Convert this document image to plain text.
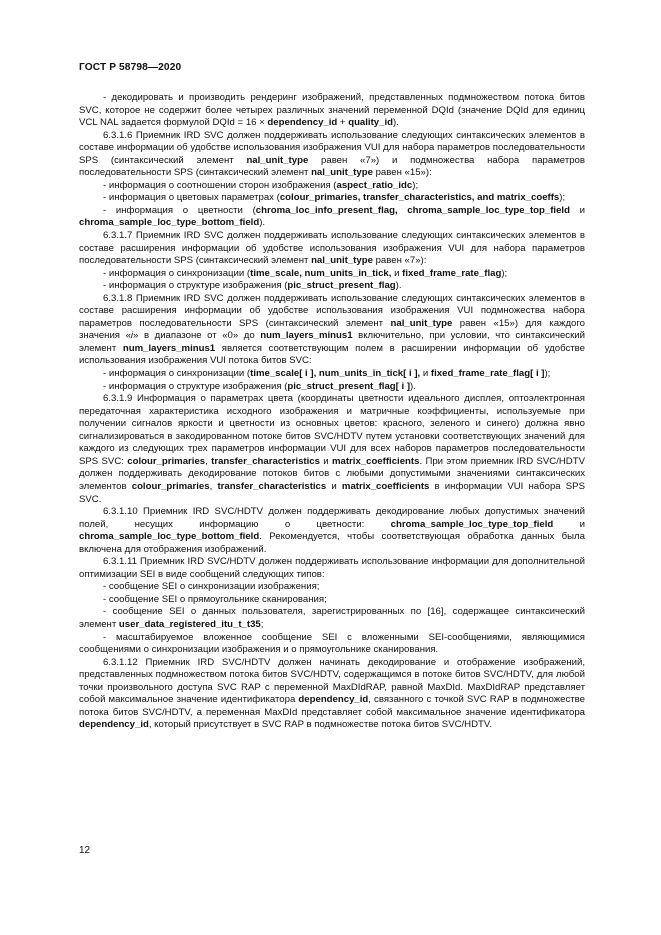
ГОСТ Р 58798—2020

- декодировать и производить рендеринг изображений, представленных подмножеством потока битов SVC, которое не содержит более четырех различных значений переменной DQId (значение DQId для единиц VCL NAL задается формулой DQId = 16 × dependency_id + quality_id).

6.3.1.6 Приемник IRD SVC должен поддерживать использование следующих синтаксических элементов в составе информации об удобстве использования изображения VUI для набора параметров последовательности SPS (синтаксический элемент nal_unit_type равен «7») и подмножества набора параметров последовательности SPS (синтаксический элемент nal_unit_type равен «15»):

- информация о соотношении сторон изображения (aspect_ratio_idc);

- информация о цветовых параметрах (colour_primaries, transfer_characteristics, and matrix_coeffs);

- информация о цветности (chroma_loc_info_present_flag, chroma_sample_loc_type_top_field и chroma_sample_loc_type_bottom_field).

6.3.1.7 Приемник IRD SVC должен поддерживать использование следующих синтаксических элементов в составе расширения информации об удобстве использования изображения VUI для набора параметров последовательности SPS (синтаксический элемент nal_unit_type равен «7»):

- информация о синхронизации (time_scale, num_units_in_tick, и fixed_frame_rate_flag);

- информация о структуре изображения (pic_struct_present_flag).

6.3.1.8 Приемник IRD SVC должен поддерживать использование следующих синтаксических элементов в составе расширения информации об удобстве использования изображения VUI подмножества набора параметров последовательности SPS (синтаксический элемент nal_unit_type равен «15») для каждого значения «i» в диапазоне от «0» до num_layers_minus1 включительно, при условии, что синтаксический элемент num_layers_minus1 является соответствующим полем в расширении информации об удобстве использования изображения VUI потока битов SVC:

- информация о синхронизации (time_scale[ i ], num_units_in_tick[ i ], и fixed_frame_rate_flag[ i ]);

- информация о структуре изображения (pic_struct_present_flag[ i ]).

6.3.1.9 Информация о параметрах цвета (координаты цветности идеального дисплея, оптоэлектронная передаточная характеристика исходного изображения и матричные коэффициенты, используемые при получении сигналов яркости и цветности из основных цветов: красного, зеленого и синего) должна явно сигнализироваться в закодированном потоке битов SVC/HDTV путем установки соответствующих значений для каждого из следующих трех параметров информации VUI для всех наборов параметров последовательности SPS SVC: colour_primaries, transfer_characteristics и matrix_coefficients. При этом приемник IRD SVC/HDTV должен поддерживать декодирование потоков битов с любыми допустимыми значениями синтаксических элементов colour_primaries, transfer_characteristics и matrix_coefficients в информации VUI набора SPS SVC.

6.3.1.10 Приемник IRD SVC/HDTV должен поддерживать декодирование любых допустимых значений полей, несущих информацию о цветности: chroma_sample_loc_type_top_field и chroma_sample_loc_type_bottom_field. Рекомендуется, чтобы соответствующая обработка данных была включена для отображения изображений.

6.3.1.11 Приемник IRD SVC/HDTV должен поддерживать использование информации для дополнительной оптимизации SEI в виде сообщений следующих типов:

- сообщение SEI о синхронизации изображения;

- сообщение SEI о прямоугольнике сканирования;

- сообщение SEI о данных пользователя, зарегистрированных по [16], содержащее синтаксический элемент user_data_registered_itu_t_t35;

- масштабируемое вложенное сообщение SEI с вложенными SEI-сообщениями, являющимися сообщениями о синхронизации изображения и о прямоугольнике сканирования.

6.3.1.12 Приемник IRD SVC/HDTV должен начинать декодирование и отображение изображений, представленных подмножеством потока битов SVC/HDTV, содержащимся в потоке битов SVC/HDTV, для любой точки произвольного доступа SVC RAP с переменной MaxDIdRAP, равной MaxDId. MaxDIdRAP представляет собой максимальное значение идентификатора dependency_id, связанного с точкой SVC RAP в подмножестве потока битов SVC/HDTV, а переменная MaxDId представляет собой максимальное значение идентификатора dependency_id, который присутствует в SVC RAP в подмножестве потока битов SVC/HDTV.

12
